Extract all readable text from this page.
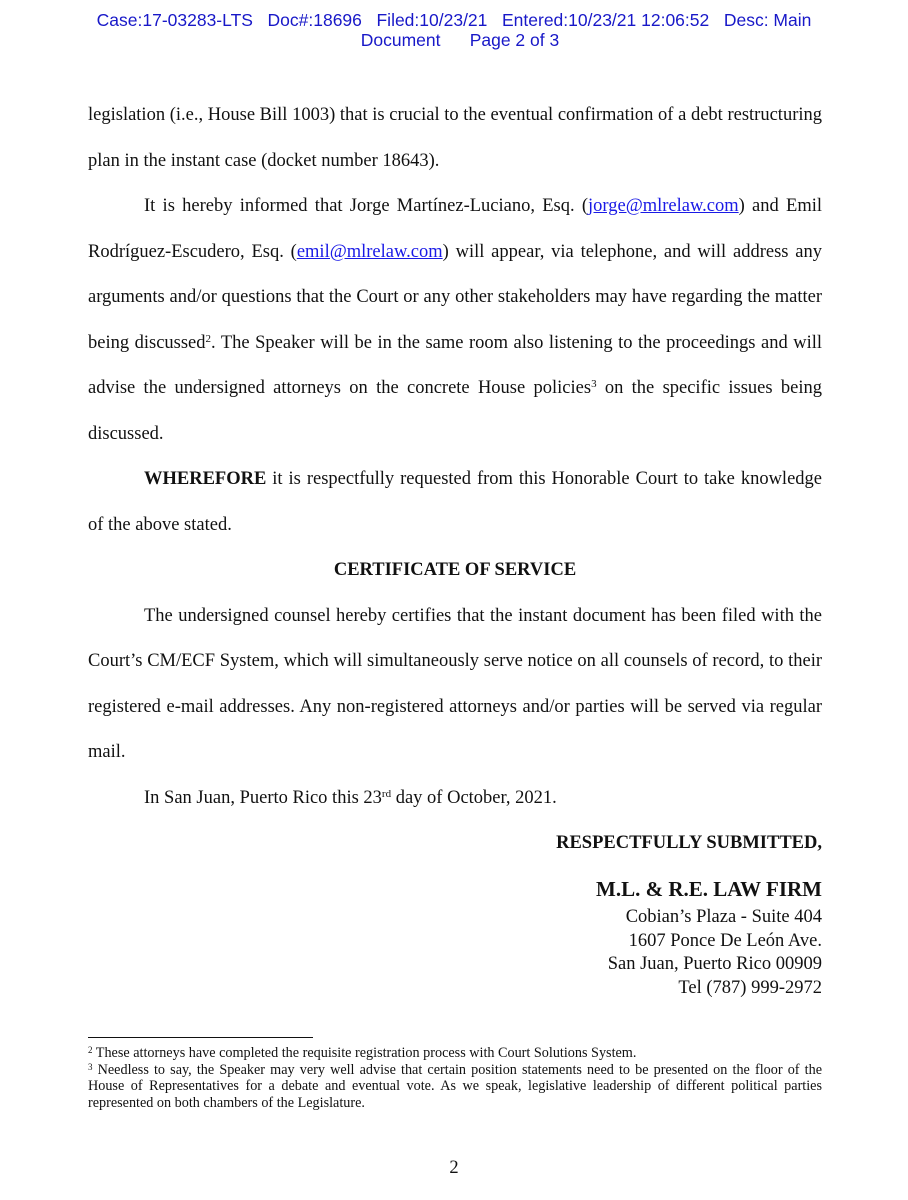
Case:17-03283-LTS   Doc#:18696   Filed:10/23/21   Entered:10/23/21 12:06:52   Desc: Main
Document Page 2 of 3

legislation (i.e., House Bill 1003) that is crucial to the eventual confirmation of a debt restructuring plan in the instant case (docket number 18643).

It is hereby informed that Jorge Martínez-Luciano, Esq. (jorge@mlrelaw.com) and Emil Rodríguez-Escudero, Esq. (emil@mlrelaw.com) will appear, via telephone, and will address any arguments and/or questions that the Court or any other stakeholders may have regarding the matter being discussed$^2$. The Speaker will be in the same room also listening to the proceedings and will advise the undersigned attorneys on the concrete House policies$^3$ on the specific issues being discussed.

WHEREFORE it is respectfully requested from this Honorable Court to take knowledge of the above stated.

CERTIFICATE OF SERVICE

The undersigned counsel hereby certifies that the instant document has been filed with the Court’s CM/ECF System, which will simultaneously serve notice on all counsels of record, to their registered e-mail addresses. Any non-registered attorneys and/or parties will be served via regular mail.

In San Juan, Puerto Rico this 23rd day of October, 2021.

RESPECTFULLY SUBMITTED,

M.L. & R.E. LAW FIRM
Cobian’s Plaza - Suite 404
1607 Ponce De León Ave.
San Juan, Puerto Rico 00909
Tel (787) 999-2972

$^2$ These attorneys have completed the requisite registration process with Court Solutions System.

$^3$ Needless to say, the Speaker may very well advise that certain position statements need to be presented on the floor of the House of Representatives for a debate and eventual vote. As we speak, legislative leadership of different political parties represented on both chambers of the Legislature.

2
